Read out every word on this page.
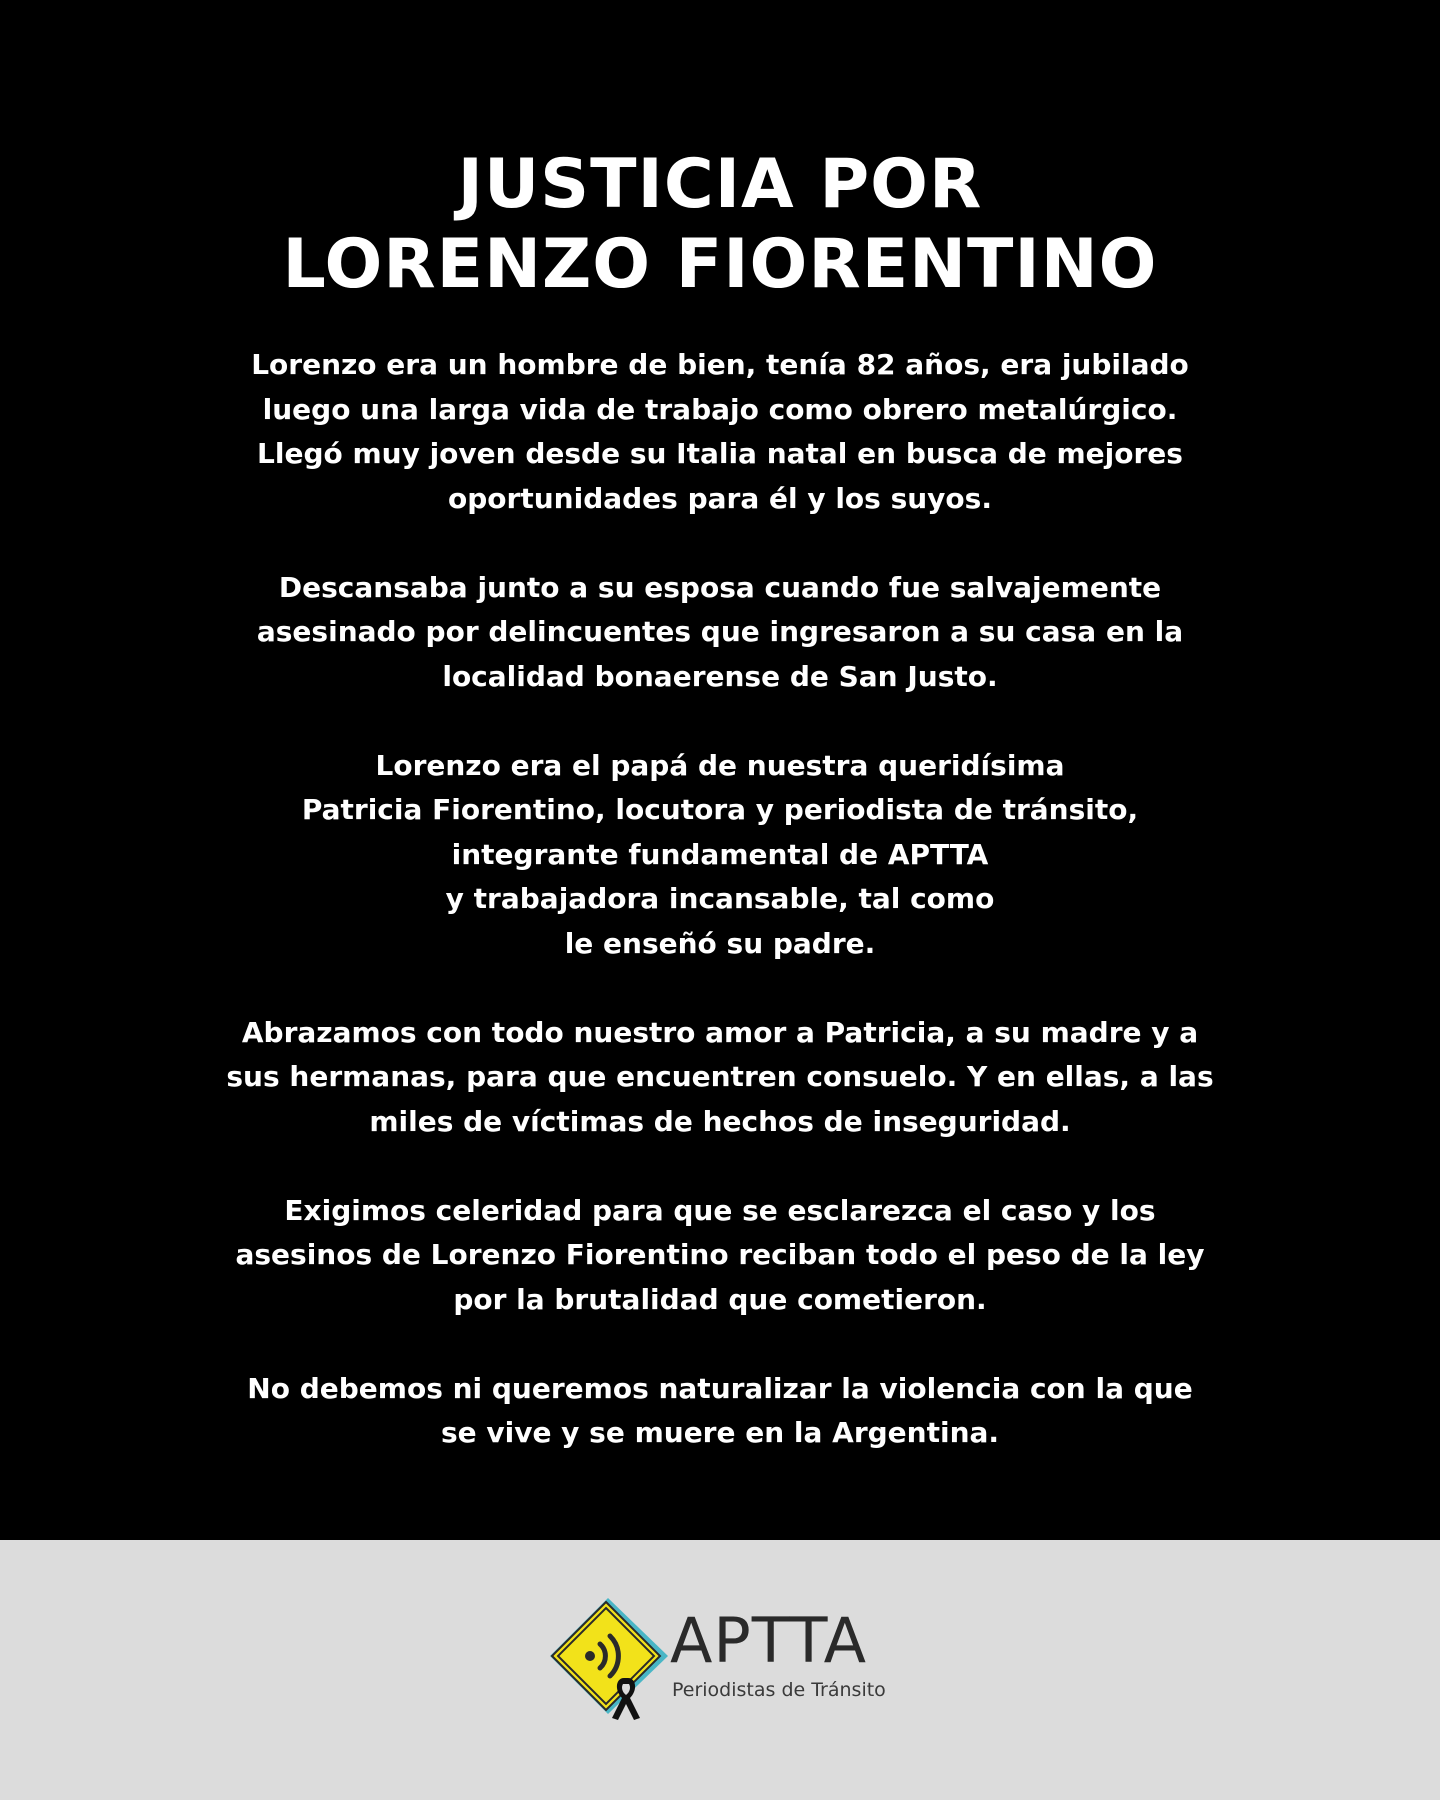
JUSTICIA POR
LORENZO FIORENTINO

Lorenzo era un hombre de bien, tenía 82 años, era jubilado
luego una larga vida de trabajo como obrero metalúrgico.
Llegó muy joven desde su Italia natal en busca de mejores
oportunidades para él y los suyos.

Descansaba junto a su esposa cuando fue salvajemente
asesinado por delincuentes que ingresaron a su casa en la
localidad bonaerense de San Justo.

Lorenzo era el papá de nuestra queridísima
Patricia Fiorentino, locutora y periodista de tránsito,
integrante fundamental de APTTA
y trabajadora incansable, tal como
le enseñó su padre.

Abrazamos con todo nuestro amor a Patricia, a su madre y a
sus hermanas, para que encuentren consuelo. Y en ellas, a las
miles de víctimas de hechos de inseguridad.

Exigimos celeridad para que se esclarezca el caso y los
asesinos de Lorenzo Fiorentino reciban todo el peso de la ley
por la brutalidad que cometieron.

No debemos ni queremos naturalizar la violencia con la que
se vive y se muere en la Argentina.

APTTA
Periodistas de Tránsito
